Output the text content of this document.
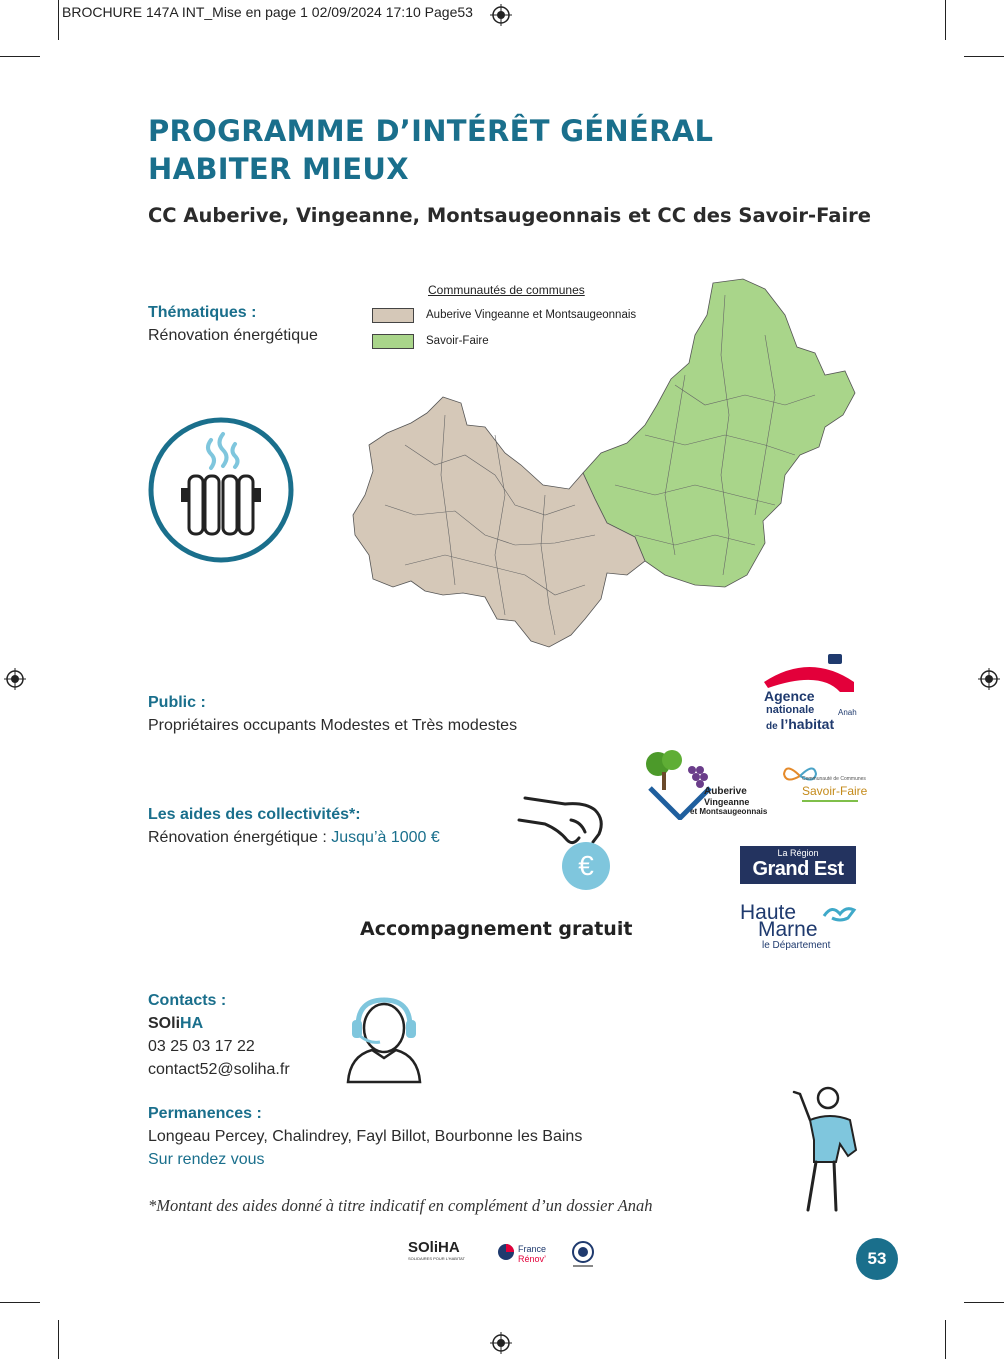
BROCHURE 147A INT_Mise en page 1 02/09/2024 17:10 Page53
PROGRAMME D’INTÉRÊT GÉNÉRAL
HABITER MIEUX
CC Auberive, Vingeanne, Montsaugeonnais et CC des Savoir-Faire
Thématiques :
Rénovation énergétique
Communautés de communes
Auberive Vingeanne et Montsaugeonnais
Savoir-Faire
Public :
Propriétaires occupants Modestes et Très modestes
Les aides des collectivités*:
Rénovation énergétique : Jusqu’à 1000 €
€
Accompagnement gratuit
Contacts :
SOliHA
03 25 03 17 22
contact52@soliha.fr
Permanences :
Longeau Percey, Chalindrey, Fayl Billot, Bourbonne les Bains
Sur rendez vous
*Montant des aides donné à titre indicatif en complément d’un dossier Anah
Agence
nationale	Anah
de l’habitat
Auberive
Vingeanne
et Montsaugeonnais
Communauté de Communes
Savoir-Faire
La Région
Grand Est
Haute
Marne
le Département
SOliHA
SOLIDAIRES POUR L’HABITAT
France
Rénov’	53
